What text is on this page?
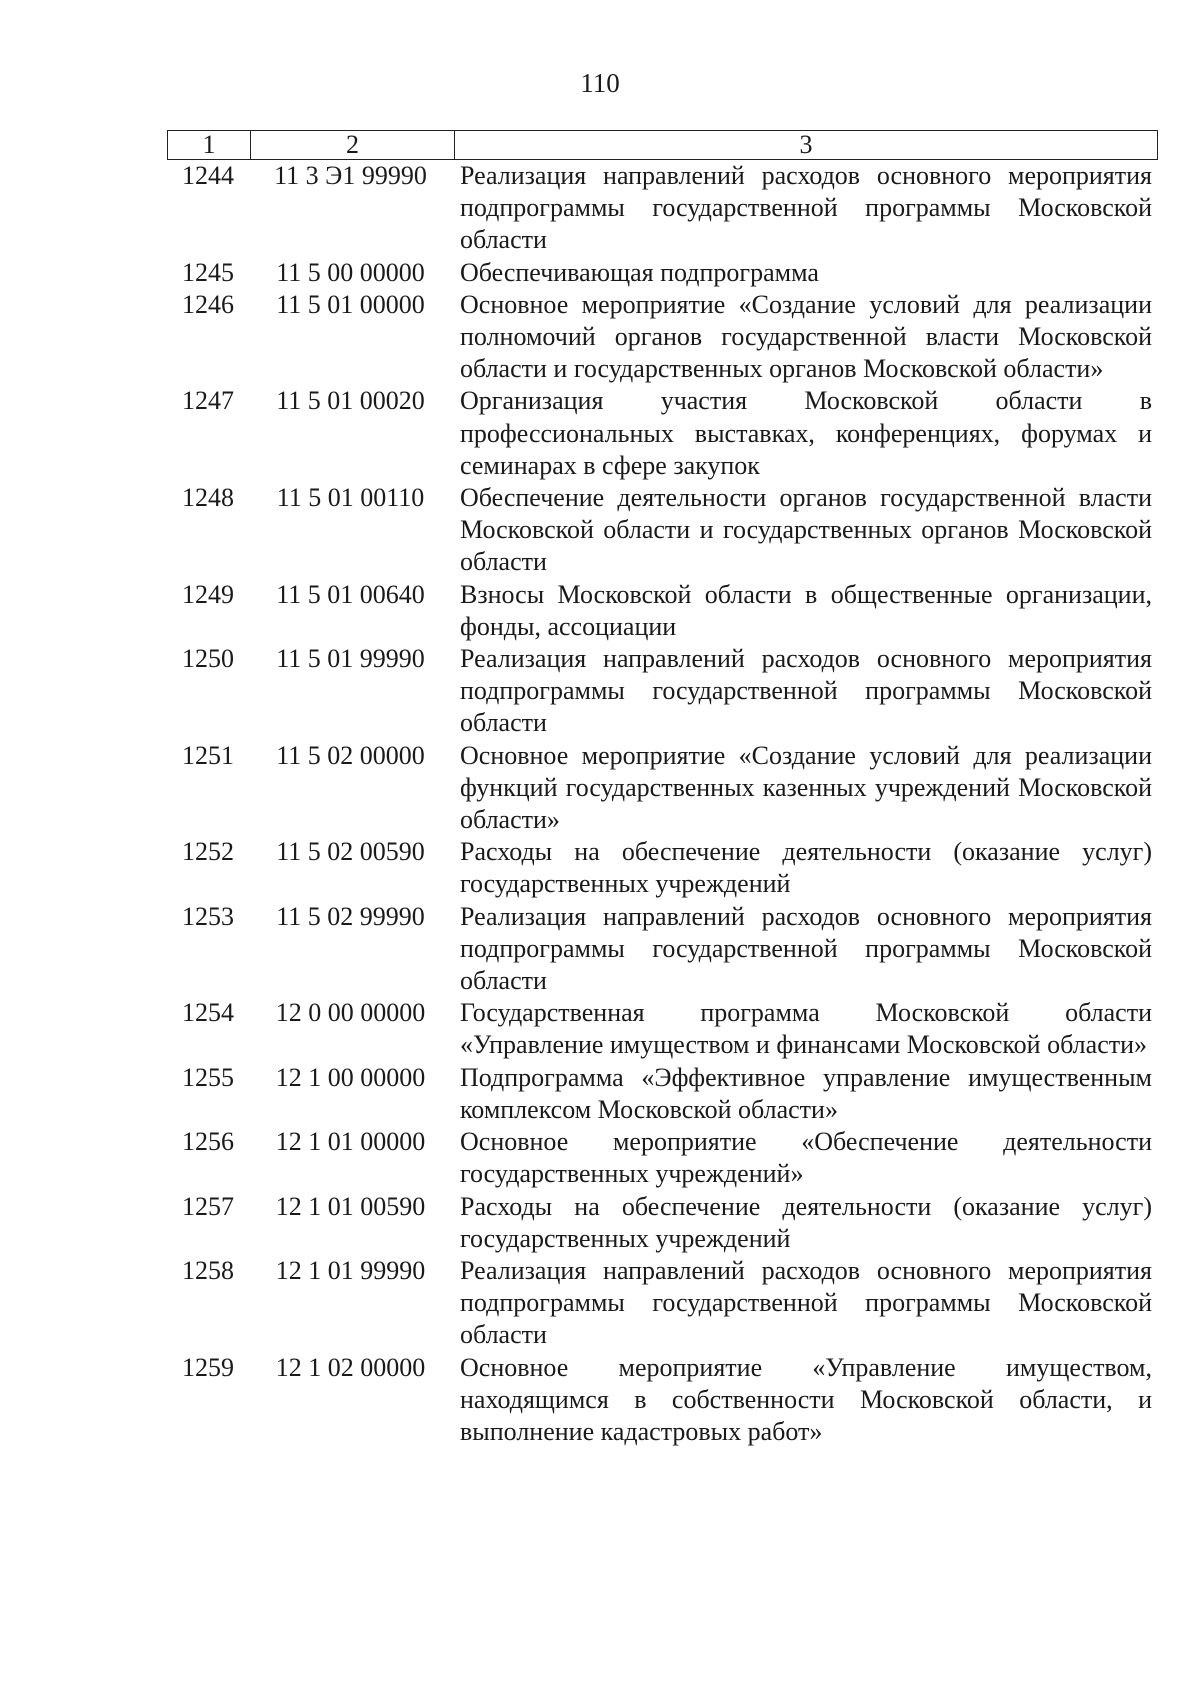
110
1	2	3
1244	11 3 Э1 99990	Реализация направлений расходов основного мероприятия подпрограммы государственной программы Московской области
1245	11 5 00 00000	Обеспечивающая подпрограмма
1246	11 5 01 00000	Основное мероприятие «Создание условий для реализации полномочий органов государственной власти Московской области и государственных органов Московской области»
1247	11 5 01 00020	Организация участия Московской области в профессиональных выставках, конференциях, форумах и семинарах в сфере закупок
1248	11 5 01 00110	Обеспечение деятельности органов государственной власти Московской области и государственных органов Московской области
1249	11 5 01 00640	Взносы Московской области в общественные организации, фонды, ассоциации
1250	11 5 01 99990	Реализация направлений расходов основного мероприятия подпрограммы государственной программы Московской области
1251	11 5 02 00000	Основное мероприятие «Создание условий для реализации функций государственных казенных учреждений Московской области»
1252	11 5 02 00590	Расходы на обеспечение деятельности (оказание услуг) государственных учреждений
1253	11 5 02 99990	Реализация направлений расходов основного мероприятия подпрограммы государственной программы Московской области
1254	12 0 00 00000	Государственная программа Московской области «Управление имуществом и финансами Московской области»
1255	12 1 00 00000	Подпрограмма «Эффективное управление имущественным комплексом Московской области»
1256	12 1 01 00000	Основное мероприятие «Обеспечение деятельности государственных учреждений»
1257	12 1 01 00590	Расходы на обеспечение деятельности (оказание услуг) государственных учреждений
1258	12 1 01 99990	Реализация направлений расходов основного мероприятия подпрограммы государственной программы Московской области
1259	12 1 02 00000	Основное мероприятие «Управление имуществом, находящимся в собственности Московской области, и выполнение кадастровых работ»
